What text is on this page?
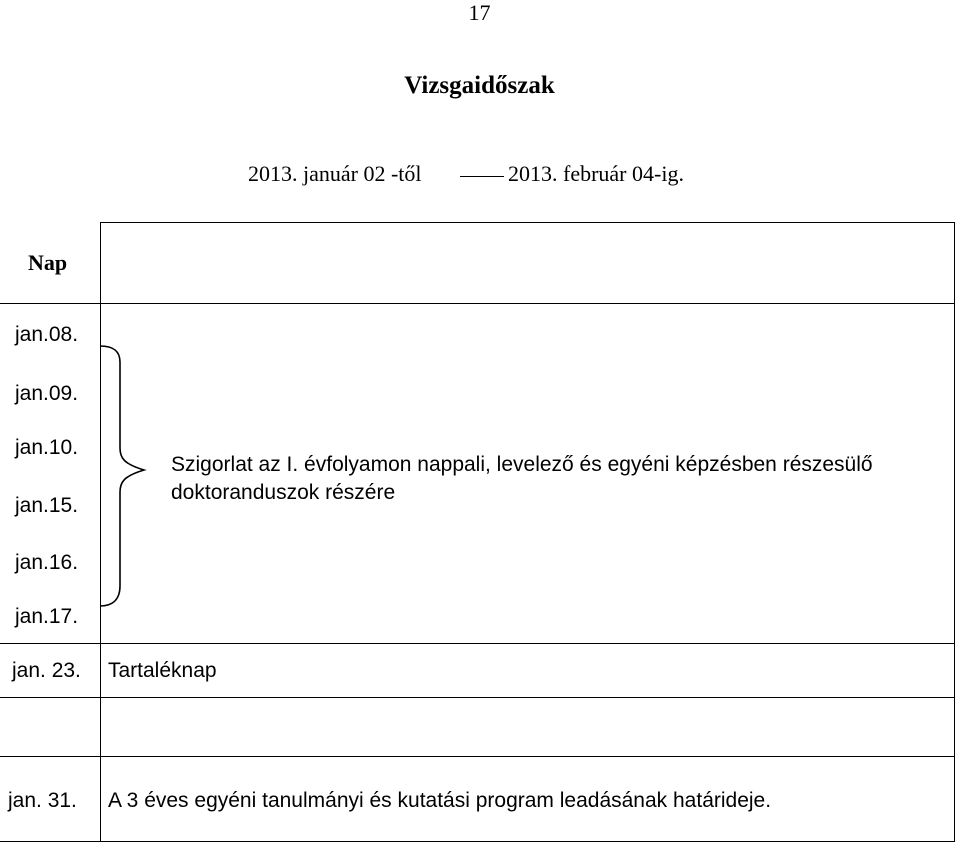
17
Vizsgaidőszak
2013. január 02 -től	2013. február 04-ig.
Nap
jan.08.
jan.09.
jan.10.
jan.15.
jan.16.
jan.17.
Szigorlat az I. évfolyamon nappali, levelező és egyéni képzésben részesülő
doktoranduszok részére
jan. 23. Tartaléknap
jan. 31. A 3 éves egyéni tanulmányi és kutatási program leadásának határideje.
